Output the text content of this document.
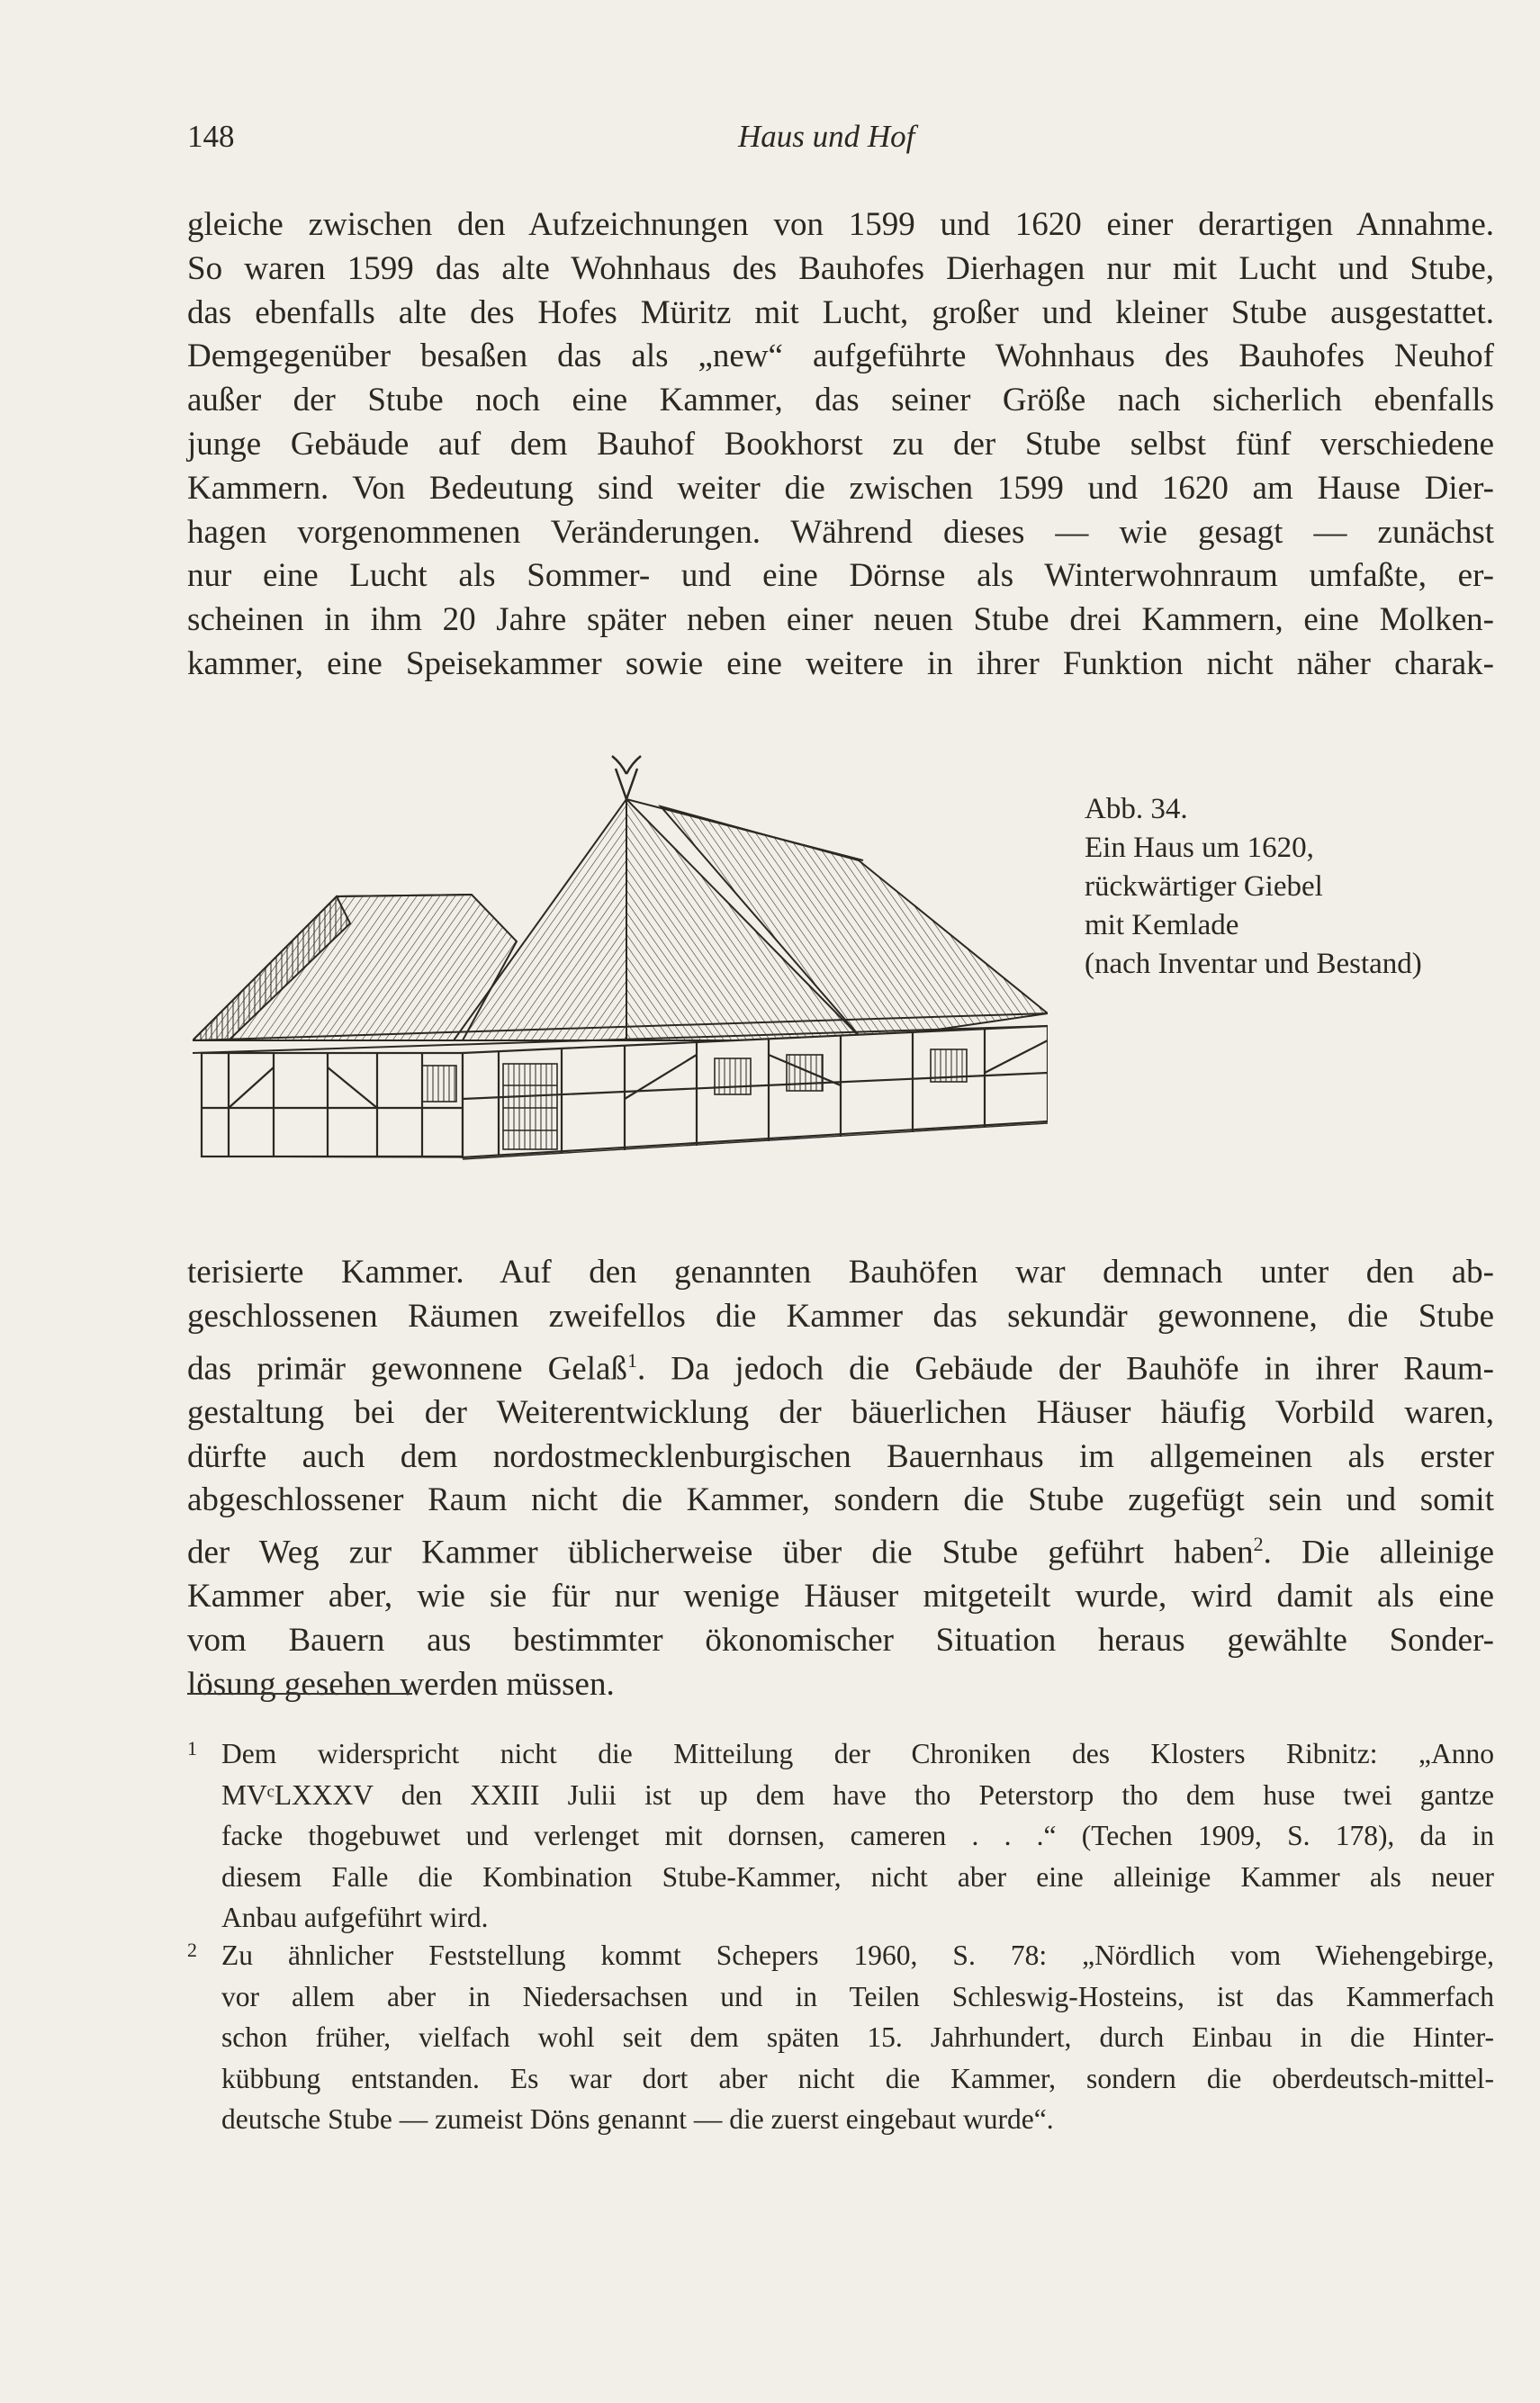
148	Haus und Hof
gleiche zwischen den Aufzeichnungen von 1599 und 1620 einer derartigen Annahme.
So waren 1599 das alte Wohnhaus des Bauhofes Dierhagen nur mit Lucht und Stube,
das ebenfalls alte des Hofes Müritz mit Lucht, großer und kleiner Stube ausgestattet.
Demgegenüber besaßen das als „new“ aufgeführte Wohnhaus des Bauhofes Neuhof
außer der Stube noch eine Kammer, das seiner Größe nach sicherlich ebenfalls
junge Gebäude auf dem Bauhof Bookhorst zu der Stube selbst fünf verschiedene
Kammern. Von Bedeutung sind weiter die zwischen 1599 und 1620 am Hause Dier-
hagen vorgenommenen Veränderungen. Während dieses — wie gesagt — zunächst
nur eine Lucht als Sommer- und eine Dörnse als Winterwohnraum umfaßte, er-
scheinen in ihm 20 Jahre später neben einer neuen Stube drei Kammern, eine Molken-
kammer, eine Speisekammer sowie eine weitere in ihrer Funktion nicht näher charak-
Abb. 34.
Ein Haus um 1620,
rückwärtiger Giebel
mit Kemlade
(nach Inventar und Bestand)
terisierte Kammer. Auf den genannten Bauhöfen war demnach unter den ab-
geschlossenen Räumen zweifellos die Kammer das sekundär gewonnene, die Stube
das primär gewonnene Gelaß$^1$. Da jedoch die Gebäude der Bauhöfe in ihrer Raum-
gestaltung bei der Weiterentwicklung der bäuerlichen Häuser häufig Vorbild waren,
dürfte auch dem nordostmecklenburgischen Bauernhaus im allgemeinen als erster
abgeschlossener Raum nicht die Kammer, sondern die Stube zugefügt sein und somit
der Weg zur Kammer üblicherweise über die Stube geführt haben$^2$. Die alleinige
Kammer aber, wie sie für nur wenige Häuser mitgeteilt wurde, wird damit als eine
vom Bauern aus bestimmter ökonomischer Situation heraus gewählte Sonder-
lösung gesehen werden müssen.
1 Dem widerspricht nicht die Mitteilung der Chroniken des Klosters Ribnitz: „Anno
MVᶜLXXXV den XXIII Julii ist up dem have tho Peterstorp tho dem huse twei gantze
facke thogebuwet und verlenget mit dornsen, cameren . . .“ (Techen 1909, S. 178), da in
diesem Falle die Kombination Stube-Kammer, nicht aber eine alleinige Kammer als neuer
Anbau aufgeführt wird.
2 Zu ähnlicher Feststellung kommt Schepers 1960, S. 78: „Nördlich vom Wiehengebirge,
vor allem aber in Niedersachsen und in Teilen Schleswig-Hosteins, ist das Kammerfach
schon früher, vielfach wohl seit dem späten 15. Jahrhundert, durch Einbau in die Hinter-
kübbung entstanden. Es war dort aber nicht die Kammer, sondern die oberdeutsch-mittel-
deutsche Stube — zumeist Döns genannt — die zuerst eingebaut wurde“.
